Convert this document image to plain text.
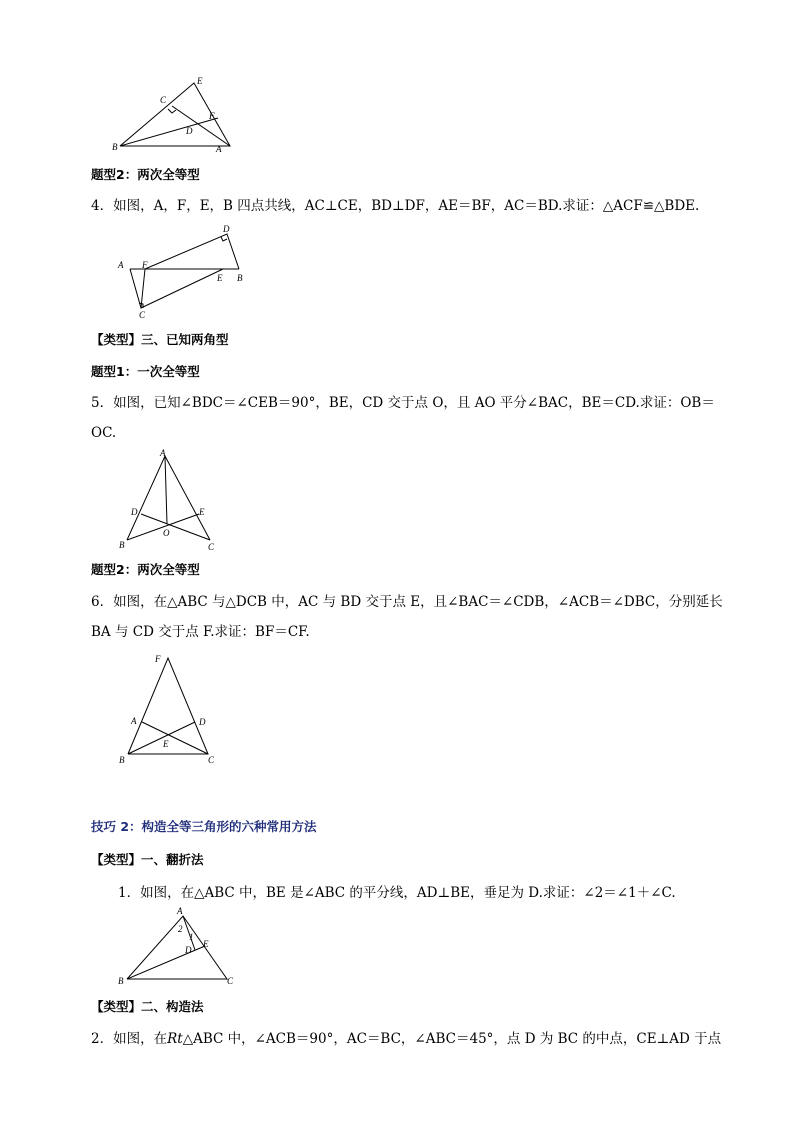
E
C
F
D
B	A
题型2：两次全等型
4．如图，A，F，E，B 四点共线，AC⊥CE，BD⊥DF，AE＝BF，AC＝BD.求证：△ACF≌△BDE.
D
A F
E B
C
【类型】三、已知两角型
题型1：一次全等型
5．如图，已知∠BDC＝∠CEB＝90°，BE，CD 交于点 O，且 AO 平分∠BAC，BE＝CD.求证：OB＝
OC.
A
D	E
O
B	C
题型2：两次全等型
6．如图，在△ABC 与△DCB 中，AC 与 BD 交于点 E，且∠BAC＝∠CDB，∠ACB＝∠DBC，分别延长
BA 与 CD 交于点 F.求证：BF＝CF.
F
A	D
E
B	C
技巧 2：构造全等三角形的六种常用方法
【类型】一、翻折法
1．如图，在△ABC 中，BE 是∠ABC 的平分线，AD⊥BE，垂足为 D.求证：∠2＝∠1＋∠C.
A
2
1
E
D
B	C
【类型】二、构造法
2．如图，在Rt△ABC 中，∠ACB＝90°，AC＝BC，∠ABC＝45°，点 D 为 BC 的中点，CE⊥AD 于点
